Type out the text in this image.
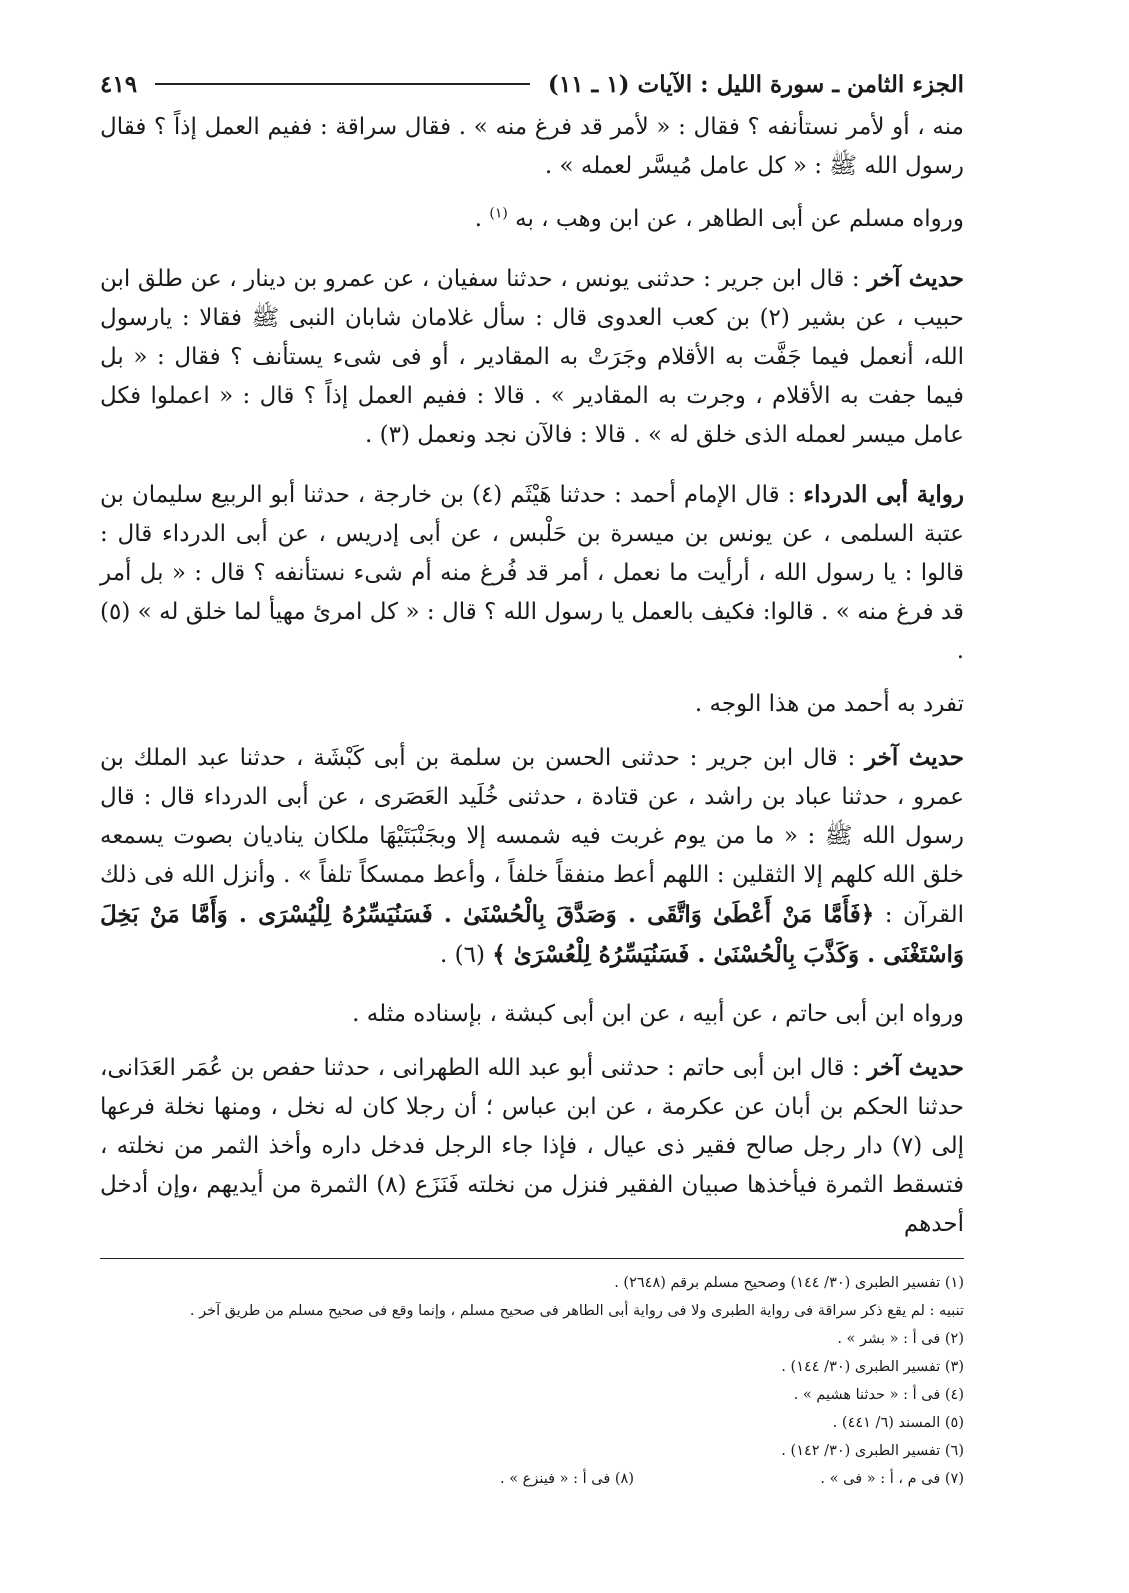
الجزء الثامن ـ سورة الليل : الآيات (١ ـ ١١)
٤١٩

منه ، أو لأمر نستأنفه ؟ فقال : « لأمر قد فرغ منه » . فقال سراقة : ففيم العمل إذاً ؟ فقال رسول الله ﷺ : « كل عامل مُيسَّر لعمله » .

ورواه مسلم عن أبى الطاهر ، عن ابن وهب ، به $^{(١)}$ .

حديث آخر : قال ابن جرير : حدثنى يونس ، حدثنا سفيان ، عن عمرو بن دينار ، عن طلق ابن حبيب ، عن بشير (٢) بن كعب العدوى قال : سأل غلامان شابان النبى ﷺ فقالا : يارسول الله، أنعمل فيما جَفَّت به الأقلام وجَرَتْ به المقادير ، أو فى شىء يستأنف ؟ فقال : « بل فيما جفت به الأقلام ، وجرت به المقادير » . قالا : ففيم العمل إذاً ؟ قال : « اعملوا فكل عامل ميسر لعمله الذى خلق له » . قالا : فالآن نجد ونعمل (٣) .

رواية أبى الدرداء : قال الإمام أحمد : حدثنا هَيْثَم (٤) بن خارجة ، حدثنا أبو الربيع سليمان بن عتبة السلمى ، عن يونس بن ميسرة بن حَلْبس ، عن أبى إدريس ، عن أبى الدرداء قال : قالوا : يا رسول الله ، أرأيت ما نعمل ، أمر قد فُرغ منه أم شىء نستأنفه ؟ قال : « بل أمر قد فرغ منه » . قالوا: فكيف بالعمل يا رسول الله ؟ قال : « كل امرئ مهيأ لما خلق له » (٥) .

تفرد به أحمد من هذا الوجه .

حديث آخر : قال ابن جرير : حدثنى الحسن بن سلمة بن أبى كَبْشَة ، حدثنا عبد الملك بن عمرو ، حدثنا عباد بن راشد ، عن قتادة ، حدثنى خُلَيد العَصَرى ، عن أبى الدرداء قال : قال رسول الله ﷺ : « ما من يوم غربت فيه شمسه إلا وبجَنْبَتَيْهَا ملكان يناديان بصوت يسمعه خلق الله كلهم إلا الثقلين : اللهم أعط منفقاً خلفاً ، وأعط ممسكاً تلفاً » . وأنزل الله فى ذلك القرآن : ﴿فَأَمَّا مَنْ أَعْطَىٰ وَاتَّقَى . وَصَدَّقَ بِالْحُسْنَىٰ . فَسَنُيَسِّرُهُ لِلْيُسْرَى . وَأَمَّا مَنْ بَخِلَ وَاسْتَغْنَى . وَكَذَّبَ بِالْحُسْنَىٰ . فَسَنُيَسِّرُهُ لِلْعُسْرَىٰ ﴾ (٦) .

ورواه ابن أبى حاتم ، عن أبيه ، عن ابن أبى كبشة ، بإسناده مثله .

حديث آخر : قال ابن أبى حاتم : حدثنى أبو عبد الله الطهرانى ، حدثنا حفص بن عُمَر العَدَانى، حدثنا الحكم بن أبان عن عكرمة ، عن ابن عباس ؛ أن رجلا كان له نخل ، ومنها نخلة فرعها إلى (٧) دار رجل صالح فقير ذى عيال ، فإذا جاء الرجل فدخل داره وأخذ الثمر من نخلته ، فتسقط الثمرة فيأخذها صبيان الفقير فنزل من نخلته فَنَزَع (٨) الثمرة من أيديهم ،وإن أدخل أحدهم

(١) تفسير الطبرى (٣٠/ ١٤٤) وصحيح مسلم برقم (٢٦٤٨) .
تنبيه : لم يقع ذكر سراقة فى رواية الطبرى ولا فى رواية أبى الطاهر فى صحيح مسلم ، وإنما وقع فى صحيح مسلم من طريق آخر .
(٢) فى أ : « بشر » .
(٣) تفسير الطبرى (٣٠/ ١٤٤) .
(٤) فى أ : « حدثنا هشيم » .
(٥) المسند (٦/ ٤٤١) .
(٦) تفسير الطبرى (٣٠/ ١٤٢) .
(٧) فى م ، أ : « فى » .
(٨) فى أ : « فينزع » .
